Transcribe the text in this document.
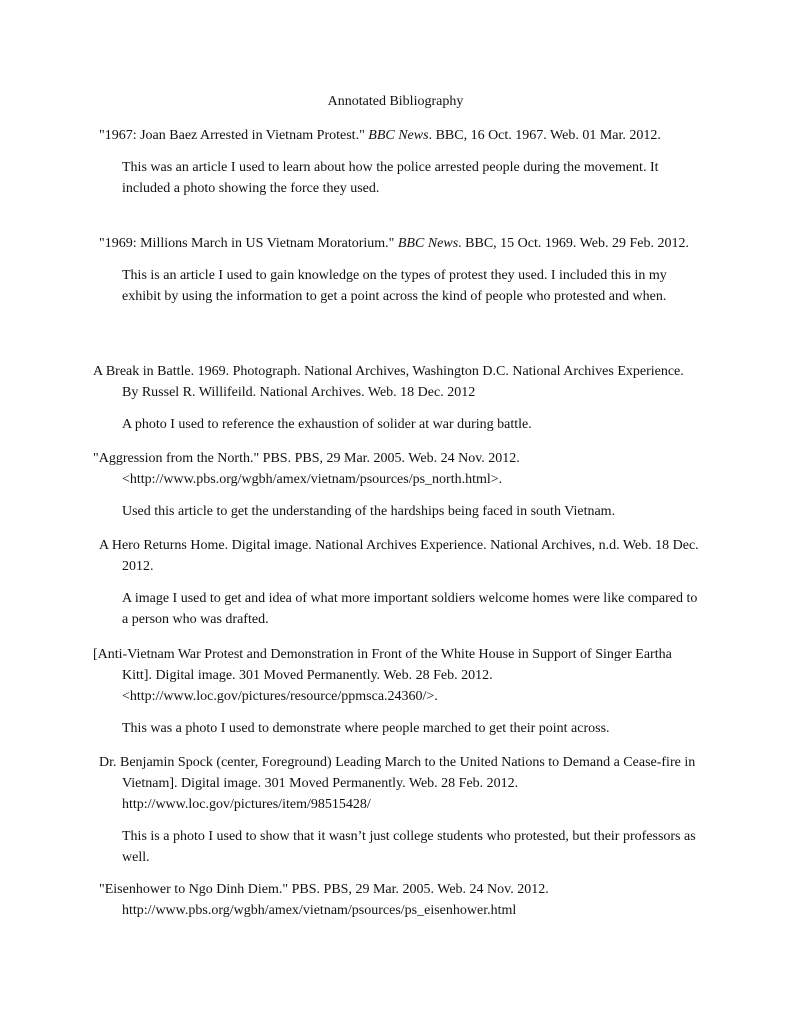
Annotated Bibliography

"1967: Joan Baez Arrested in Vietnam Protest." BBC News. BBC, 16 Oct. 1967. Web. 01 Mar. 2012.

This was an article I used to learn about how the police arrested people during the movement. It included a photo showing the force they used.

"1969: Millions March in US Vietnam Moratorium." BBC News. BBC, 15 Oct. 1969. Web. 29 Feb. 2012.

This is an article I used to gain knowledge on the types of protest they used. I included this in my exhibit by using the information to get a point across the kind of people who protested and when.

A Break in Battle. 1969. Photograph. National Archives, Washington D.C. National Archives Experience. By Russel R. Willifeild. National Archives. Web. 18 Dec. 2012

A photo I used to reference the exhaustion of solider at war during battle.

"Aggression from the North." PBS. PBS, 29 Mar. 2005. Web. 24 Nov. 2012. <http://www.pbs.org/wgbh/amex/vietnam/psources/ps_north.html>.

Used this article to get the understanding of the hardships being faced in south Vietnam.

A Hero Returns Home. Digital image. National Archives Experience. National Archives, n.d. Web. 18 Dec. 2012.

A image I used to get and idea of what more important soldiers welcome homes were like compared to a person who was drafted.

[Anti-Vietnam War Protest and Demonstration in Front of the White House in Support of Singer Eartha Kitt]. Digital image. 301 Moved Permanently. Web. 28 Feb. 2012.<http://www.loc.gov/pictures/resource/ppmsca.24360/>.

This was a photo I used to demonstrate where people marched to get their point across.

Dr. Benjamin Spock (center, Foreground) Leading March to the United Nations to Demand a Cease-fire in Vietnam]. Digital image. 301 Moved Permanently. Web. 28 Feb. 2012. http://www.loc.gov/pictures/item/98515428/

This is a photo I used to show that it wasn’t just college students who protested, but their professors as well.

"Eisenhower to Ngo Dinh Diem." PBS. PBS, 29 Mar. 2005. Web. 24 Nov. 2012. http://www.pbs.org/wgbh/amex/vietnam/psources/ps_eisenhower.html
